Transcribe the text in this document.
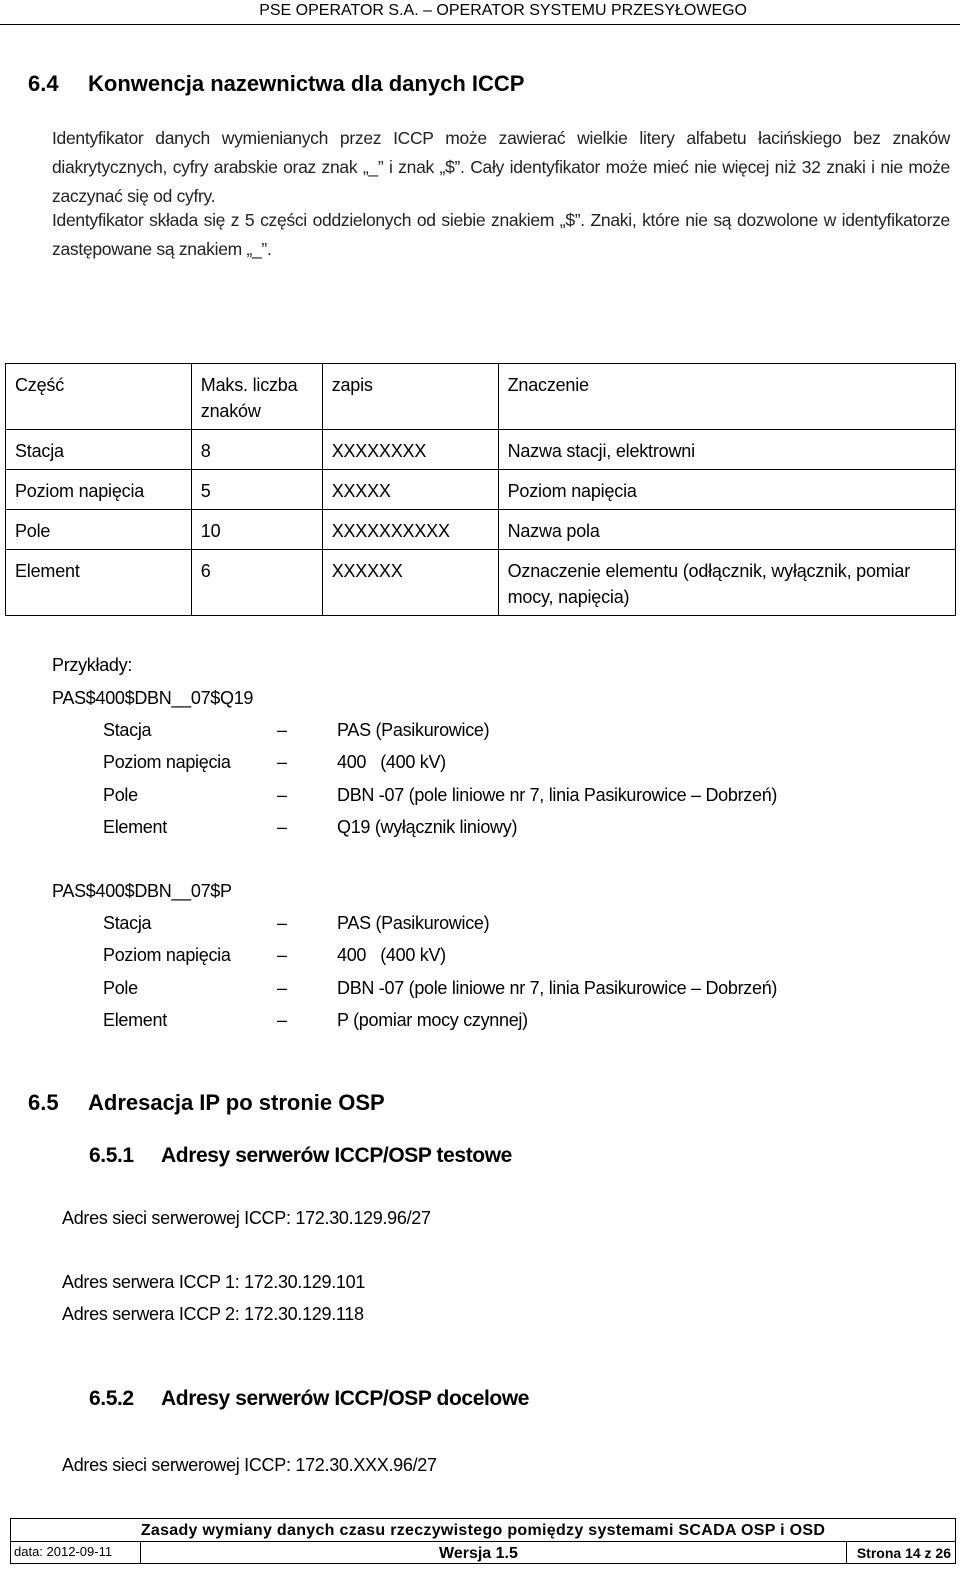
PSE OPERATOR S.A. – OPERATOR SYSTEMU PRZESYŁOWEGO
6.4 Konwencja nazewnictwa dla danych ICCP
Identyfikator danych wymienianych przez ICCP może zawierać wielkie litery alfabetu łacińskiego bez znaków diakrytycznych, cyfry arabskie oraz znak „_” i znak „$”. Cały identyfikator może mieć nie więcej niż 32 znaki i nie może zaczynać się od cyfry.
Identyfikator składa się z 5 części oddzielonych od siebie znakiem „$”. Znaki, które nie są dozwolone w identyfikatorze zastępowane są znakiem „_”.
Część	Maks. liczba znaków	zapis	Znaczenie
Stacja	8	XXXXXXXX	Nazwa stacji, elektrowni
Poziom napięcia	5	XXXXX	Poziom napięcia
Pole	10	XXXXXXXXXX	Nazwa pola
Element	6	XXXXXX	Oznaczenie elementu (odłącznik, wyłącznik, pomiar mocy, napięcia)
Przykłady:
PAS$400$DBN__07$Q19
Stacja	–	PAS (Pasikurowice)
Poziom napięcia	–	400   (400 kV)
Pole	–	DBN -07 (pole liniowe nr 7, linia Pasikurowice – Dobrzeń)
Element	–	Q19 (wyłącznik liniowy)
PAS$400$DBN__07$P
Stacja	–	PAS (Pasikurowice)
Poziom napięcia	–	400   (400 kV)
Pole	–	DBN -07 (pole liniowe nr 7, linia Pasikurowice – Dobrzeń)
Element	–	P (pomiar mocy czynnej)
6.5 Adresacja IP po stronie OSP
6.5.1 Adresy serwerów ICCP/OSP testowe
Adres sieci serwerowej ICCP: 172.30.129.96/27
Adres serwera ICCP 1: 172.30.129.101
Adres serwera ICCP 2: 172.30.129.118
6.5.2 Adresy serwerów ICCP/OSP docelowe
Adres sieci serwerowej ICCP: 172.30.XXX.96/27
Zasady wymiany danych czasu rzeczywistego pomiędzy systemami SCADA OSP i OSD
data: 2012-09-11	Wersja 1.5	Strona 14 z 26
